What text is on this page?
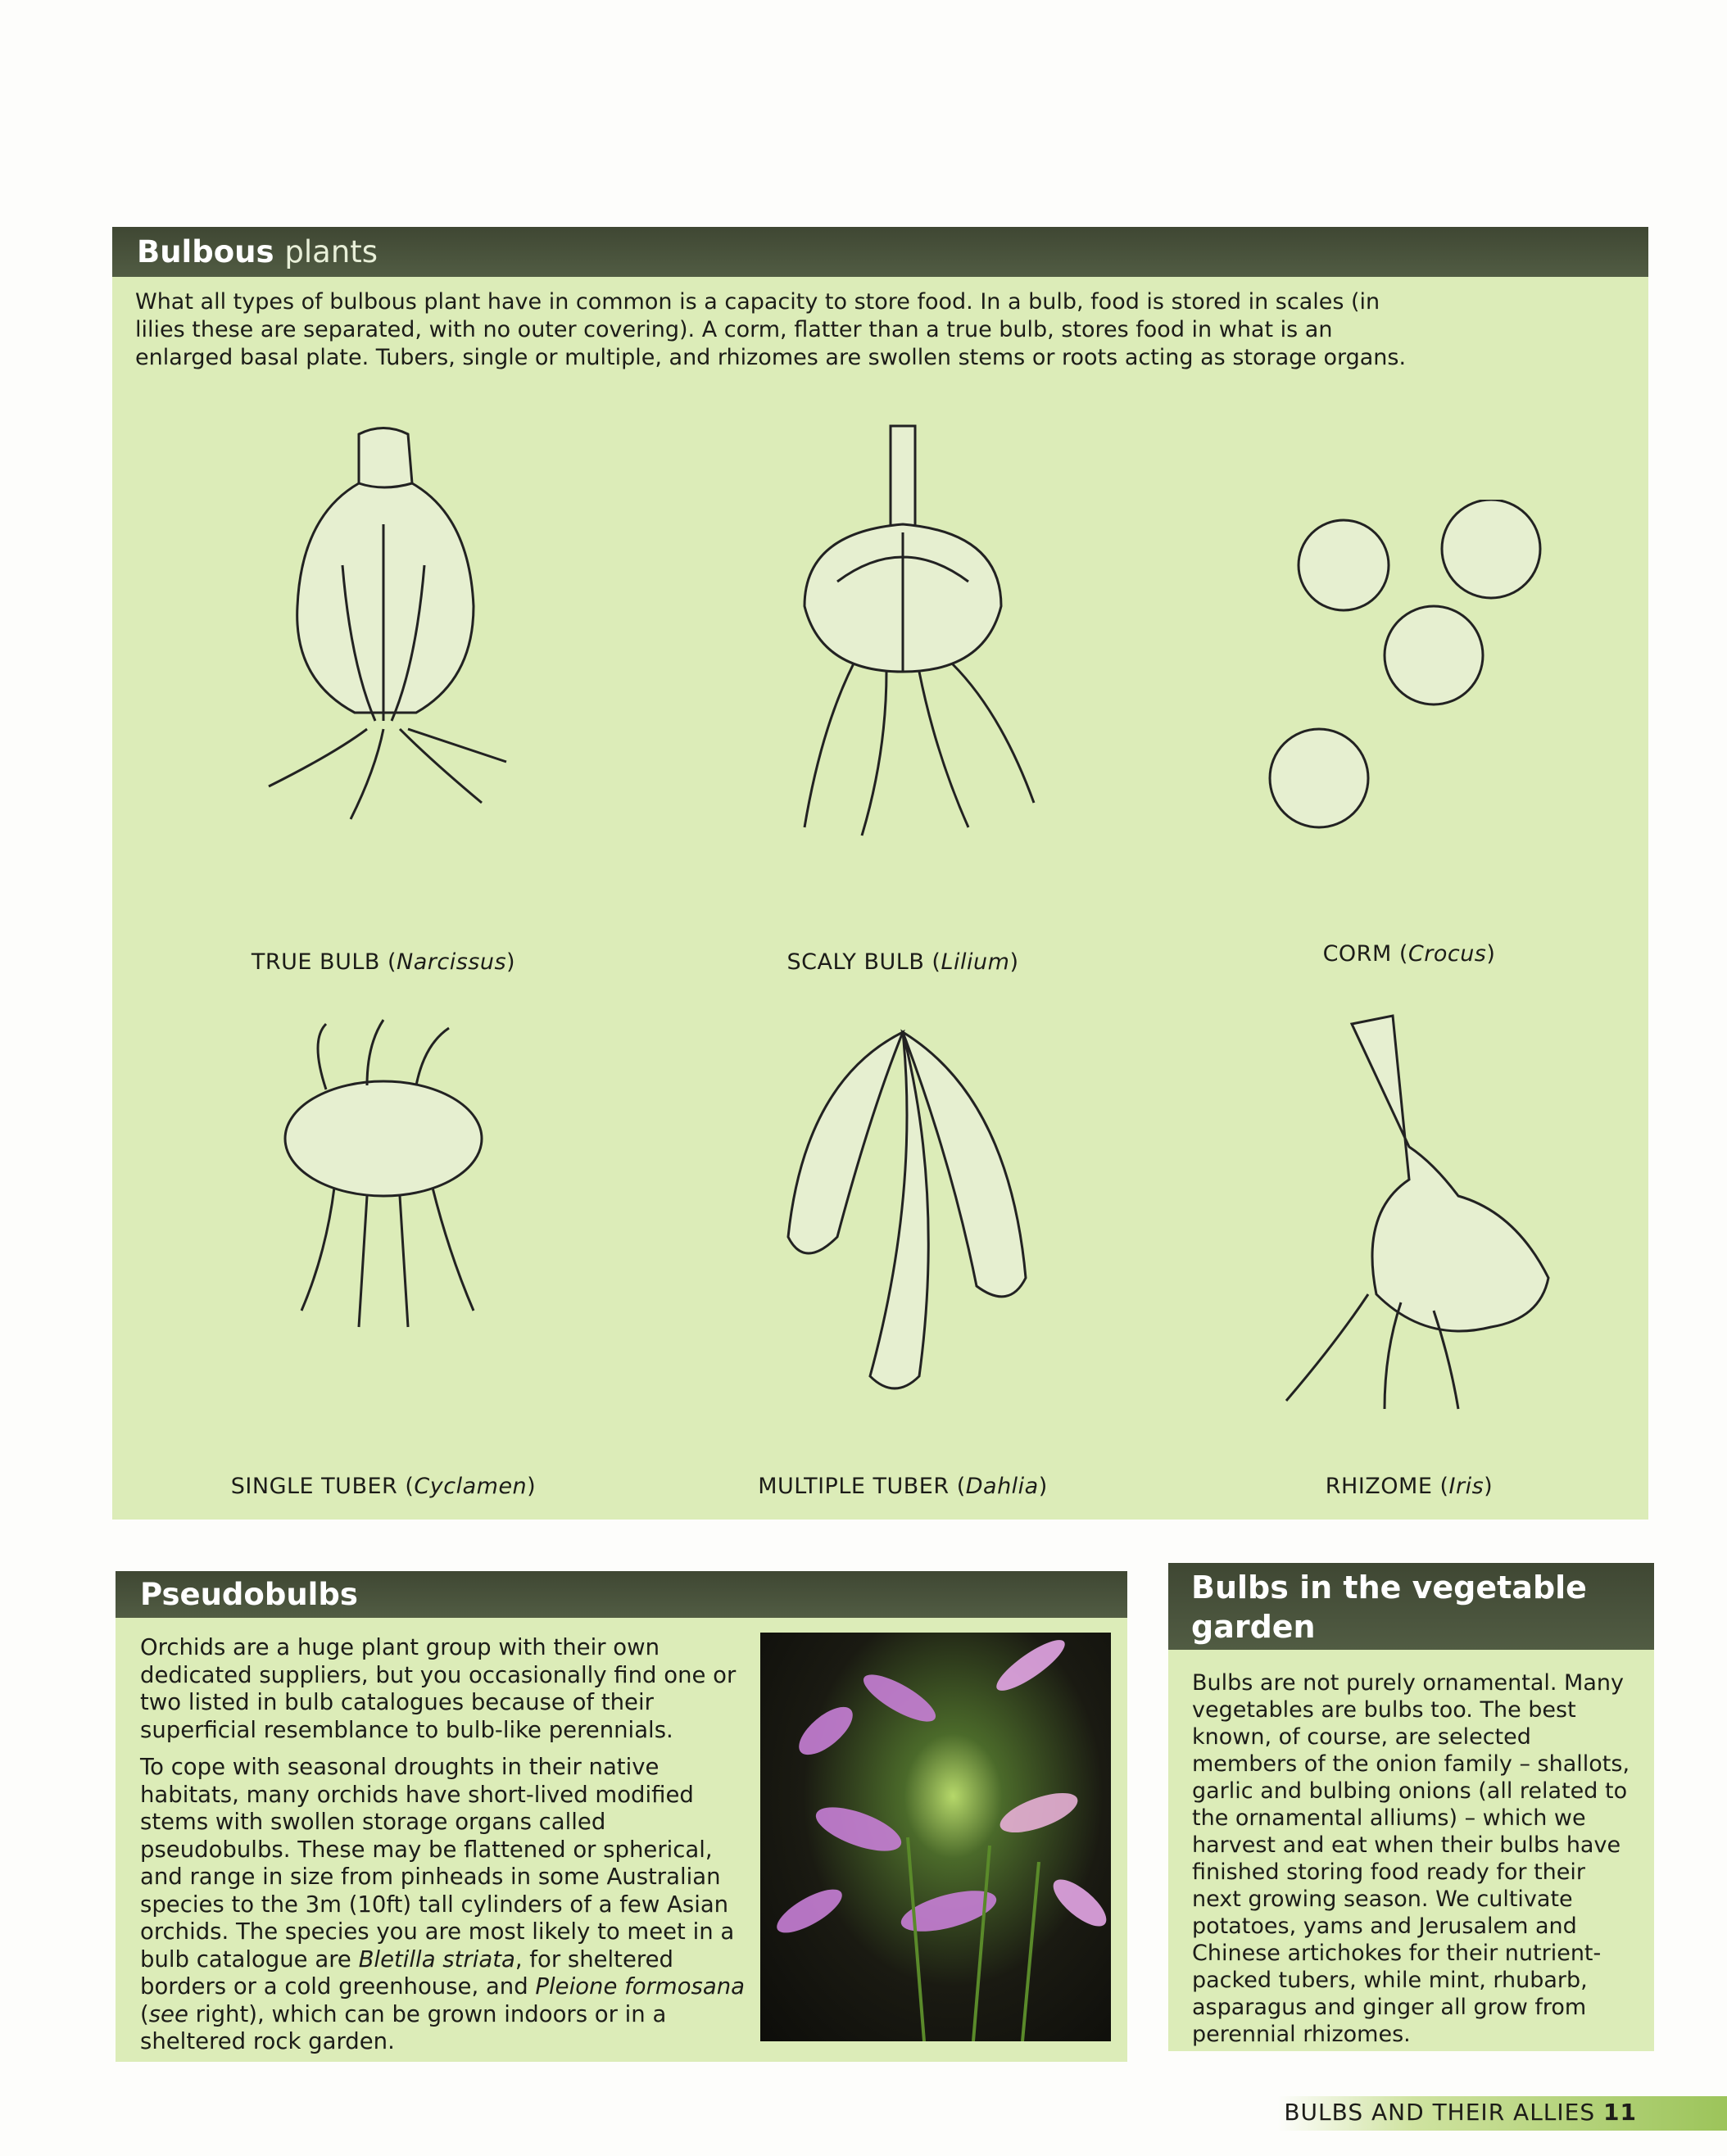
Bulbous plants
What all types of bulbous plant have in common is a capacity to store food. In a bulb, food is stored in scales (in lilies these are separated, with no outer covering). A corm, flatter than a true bulb, stores food in what is an enlarged basal plate. Tubers, single or multiple, and rhizomes are swollen stems or roots acting as storage organs.
TRUE BULB (Narcissus)	SCALY BULB (Lilium)	CORM (Crocus)
SINGLE TUBER (Cyclamen)	MULTIPLE TUBER (Dahlia)	RHIZOME (Iris)
Pseudobulbs

Orchids are a huge plant group with their own dedicated suppliers, but you occasionally find one or two listed in bulb catalogues because of their superficial resemblance to bulb-like perennials.

To cope with seasonal droughts in their native habitats, many orchids have short-lived modified stems with swollen storage organs called pseudobulbs. These may be flattened or spherical, and range in size from pinheads in some Australian species to the 3m (10ft) tall cylinders of a few Asian orchids. The species you are most likely to meet in a bulb catalogue are Bletilla striata, for sheltered borders or a cold greenhouse, and Pleione formosana (see right), which can be grown indoors or in a sheltered rock garden.

Bulbs in the vegetable garden
Bulbs are not purely ornamental. Many vegetables are bulbs too. The best known, of course, are selected members of the onion family – shallots, garlic and bulbing onions (all related to the ornamental alliums) – which we harvest and eat when their bulbs have finished storing food ready for their next growing season. We cultivate potatoes, yams and Jerusalem and Chinese artichokes for their nutrient-packed tubers, while mint, rhubarb, asparagus and ginger all grow from perennial rhizomes.
BULBS AND THEIR ALLIES 11
